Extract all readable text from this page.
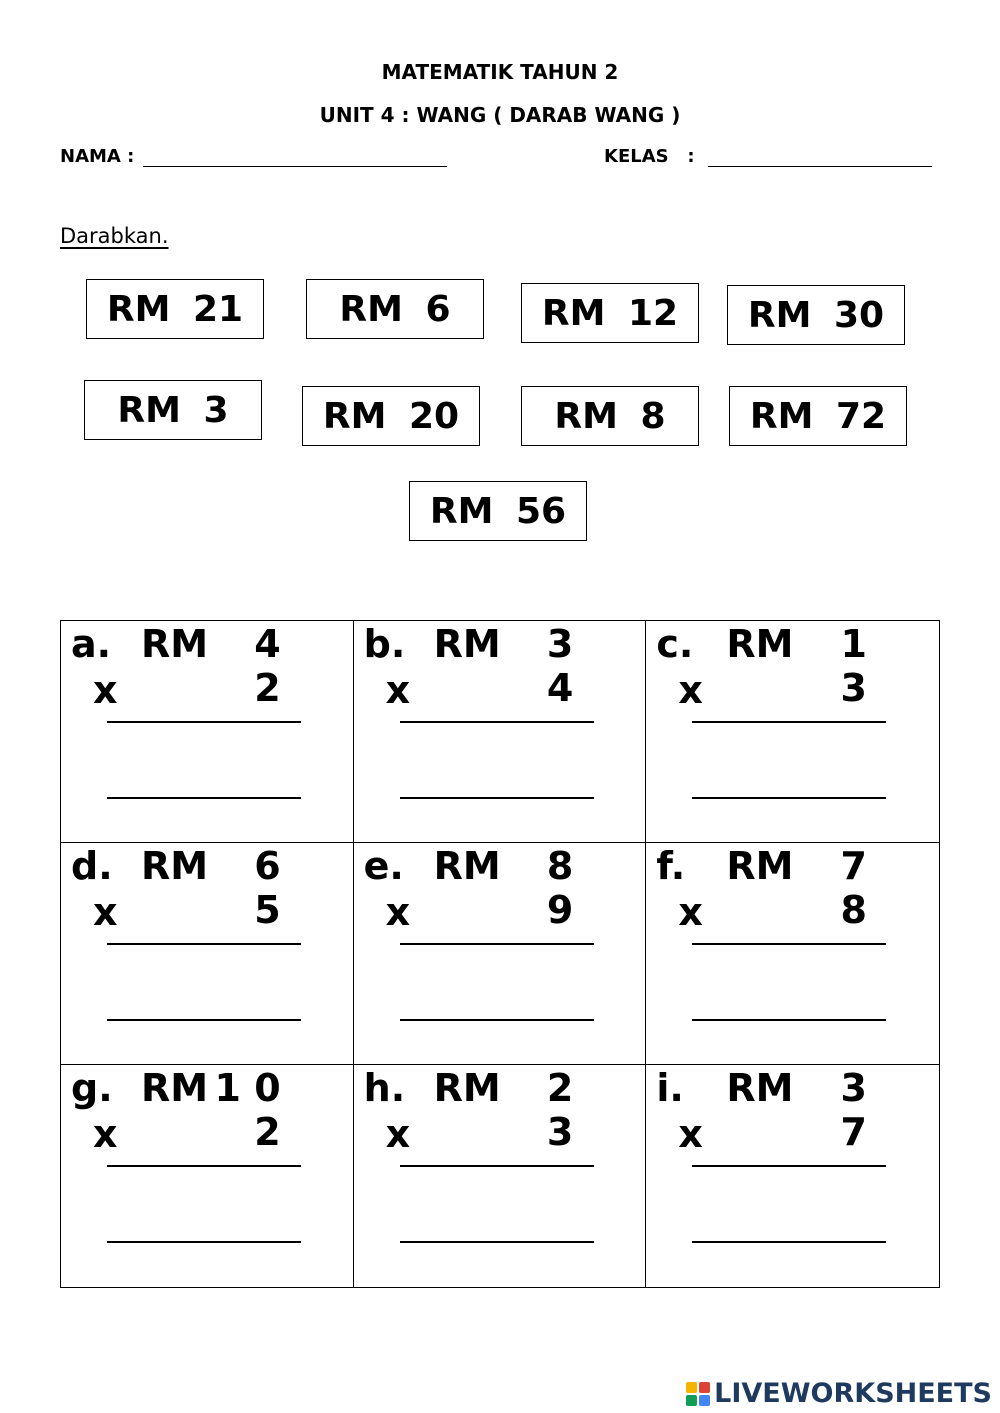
MATEMATIK TAHUN 2
UNIT 4 : WANG ( DARAB WANG )
NAMA :	KELAS   :
Darabkan.
RM 21	RM 6	RM 12	RM 30
RM 3	RM 20	RM 8	RM 72
RM 56
a. RM 4
x	2
b. RM 3
x	4
c. RM 1
x	3
d. RM 6
x	5
e. RM 8
x	9
f. RM 7
x	8
g. RM 1 0
x	2
h. RM 2
x	3
i. RM 3
x	7
LIVEWORKSHEETS
